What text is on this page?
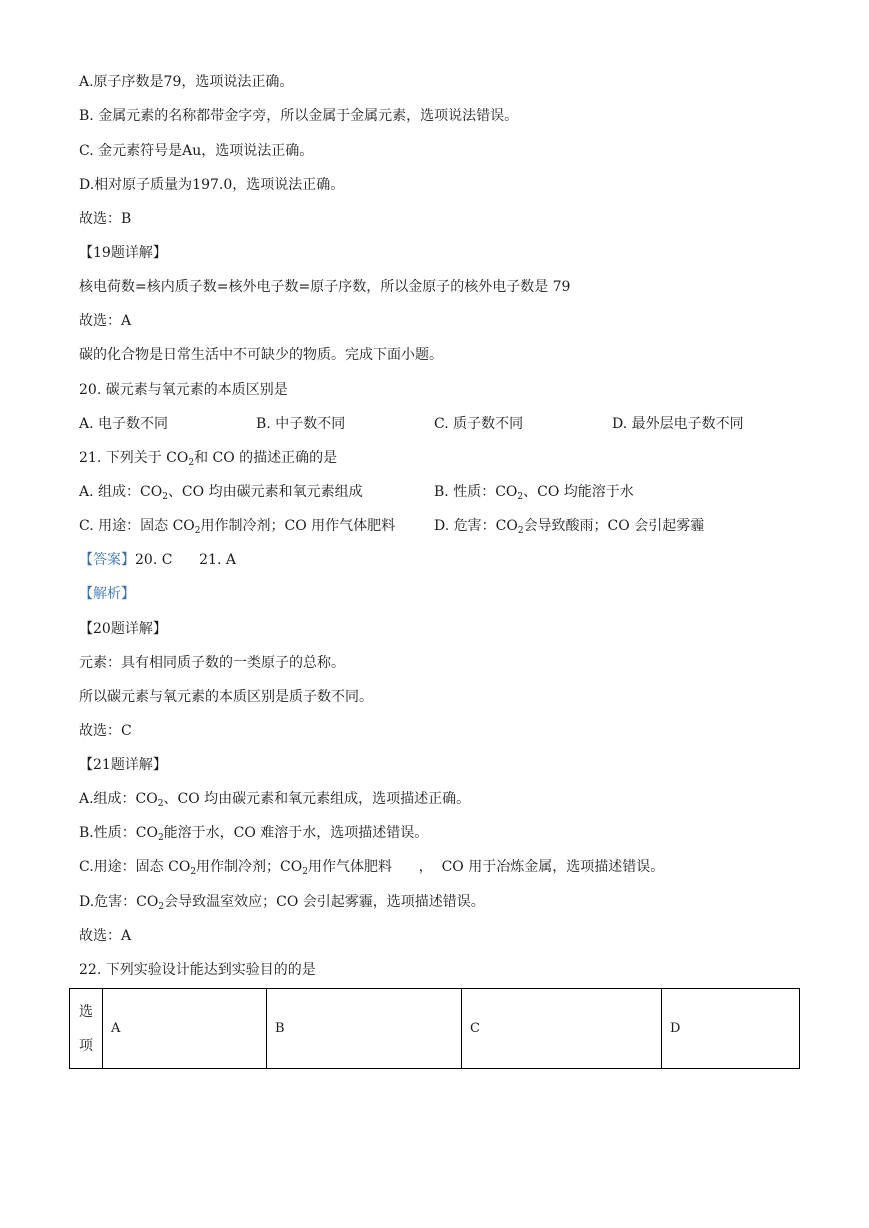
A.原子序数是79，选项说法正确。
B. 金属元素的名称都带金字旁，所以金属于金属元素，选项说法错误。
C. 金元素符号是Au，选项说法正确。
D.相对原子质量为197.0，选项说法正确。
故选：B
【19题详解】
核电荷数=核内质子数=核外电子数=原子序数，所以金原子的核外电子数是 79
故选：A
碳的化合物是日常生活中不可缺少的物质。完成下面小题。
20. 碳元素与氧元素的本质区别是
A. 电子数不同	B. 中子数不同	C. 质子数不同	D. 最外层电子数不同
21. 下列关于 $CO_2$和 CO 的描述正确的是
A. 组成：$CO_2$、CO 均由碳元素和氧元素组成	B. 性质：$CO_2$、CO 均能溶于水
C. 用途：固态 $CO_2$用作制冷剂；CO 用作气体肥料	D. 危害：$CO_2$会导致酸雨；CO 会引起雾霾
【答案】20. C      21. A
【解析】
【20题详解】
元素：具有相同质子数的一类原子的总称。
所以碳元素与氧元素的本质区别是质子数不同。
故选：C
【21题详解】
A.组成：$CO_2$、CO 均由碳元素和氧元素组成，选项描述正确。
B.性质：$CO_2$能溶于水，CO 难溶于水，选项描述错误。
C.用途：固态 $CO_2$用作制冷剂；$CO_2$用作气体肥料      ，  CO 用于冶炼金属，选项描述错误。
D.危害：$CO_2$会导致温室效应；CO 会引起雾霾，选项描述错误。
故选：A
22. 下列实验设计能达到实验目的的是
选
项	A	B	C	D
